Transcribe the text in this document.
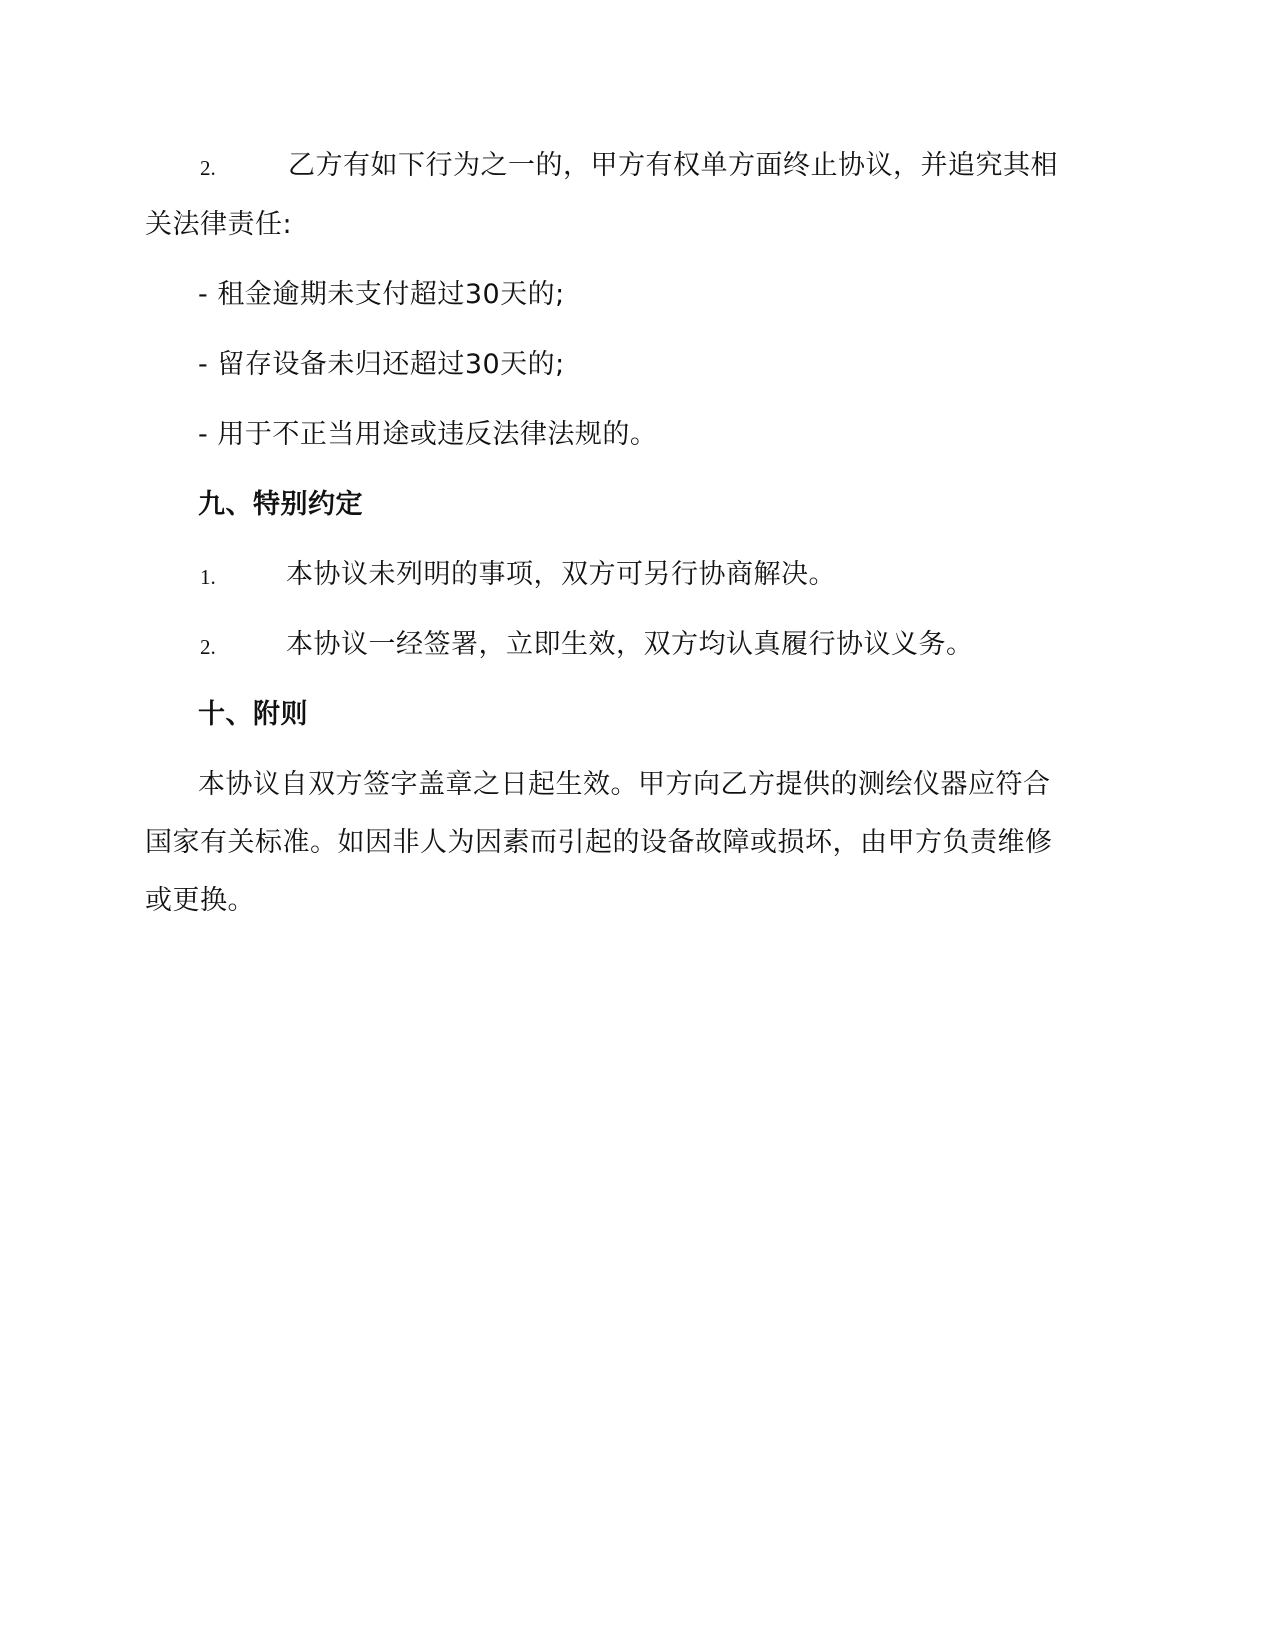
2.	乙方有如下行为之一的，甲方有权单方面终止协议，并追究其相
关法律责任:
- 租金逾期未支付超过30天的;
- 留存设备未归还超过30天的;
- 用于不正当用途或违反法律法规的。
九、特别约定
1.	本协议未列明的事项，双方可另行协商解决。
2.	本协议一经签署，立即生效，双方均认真履行协议义务。
十、附则
本协议自双方签字盖章之日起生效。甲方向乙方提供的测绘仪器应符合
国家有关标准。如因非人为因素而引起的设备故障或损坏，由甲方负责维修
或更换。
